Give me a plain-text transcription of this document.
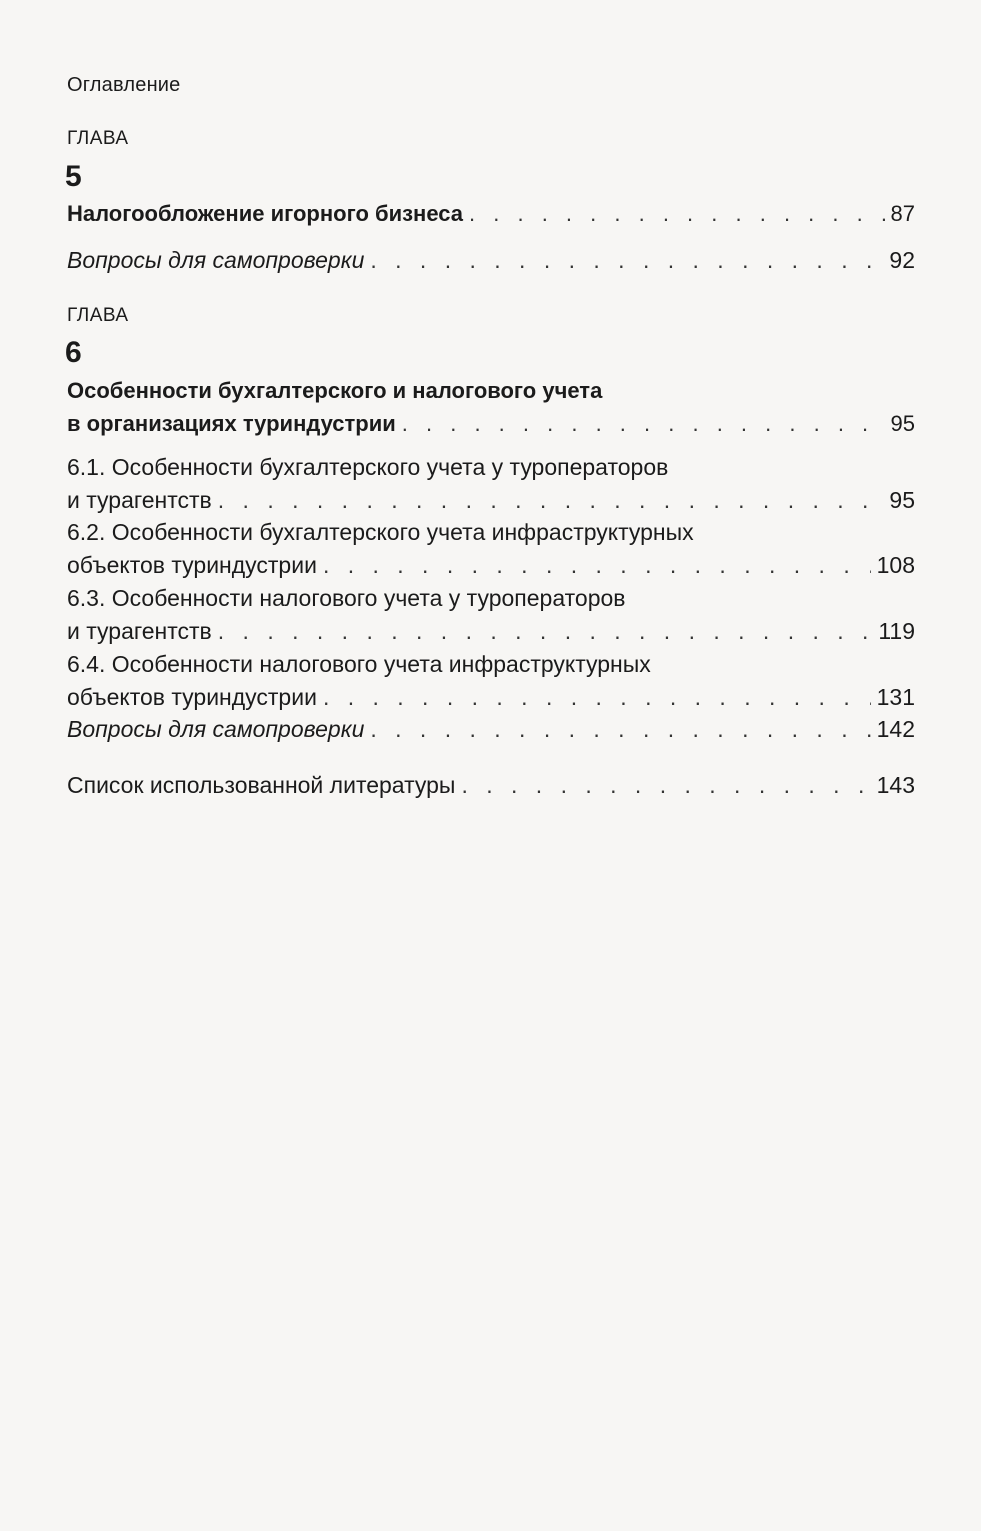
Оглавление
ГЛАВА
5
Налогообложение игорного бизнеса . . .	87
Вопросы для самопроверки . . .	92
ГЛАВА
6
Особенности бухгалтерского и налогового учета
в организациях туриндустрии . . .	95
6.1. Особенности бухгалтерского учета у туроператоров
и турагентств . . .	95
6.2. Особенности бухгалтерского учета инфраструктурных
объектов туриндустрии . . .	108
6.3. Особенности налогового учета у туроператоров
и турагентств . . .	119
6.4. Особенности налогового учета инфраструктурных
объектов туриндустрии . . .	131
Вопросы для самопроверки . . .	142
Список использованной литературы . . .	143
